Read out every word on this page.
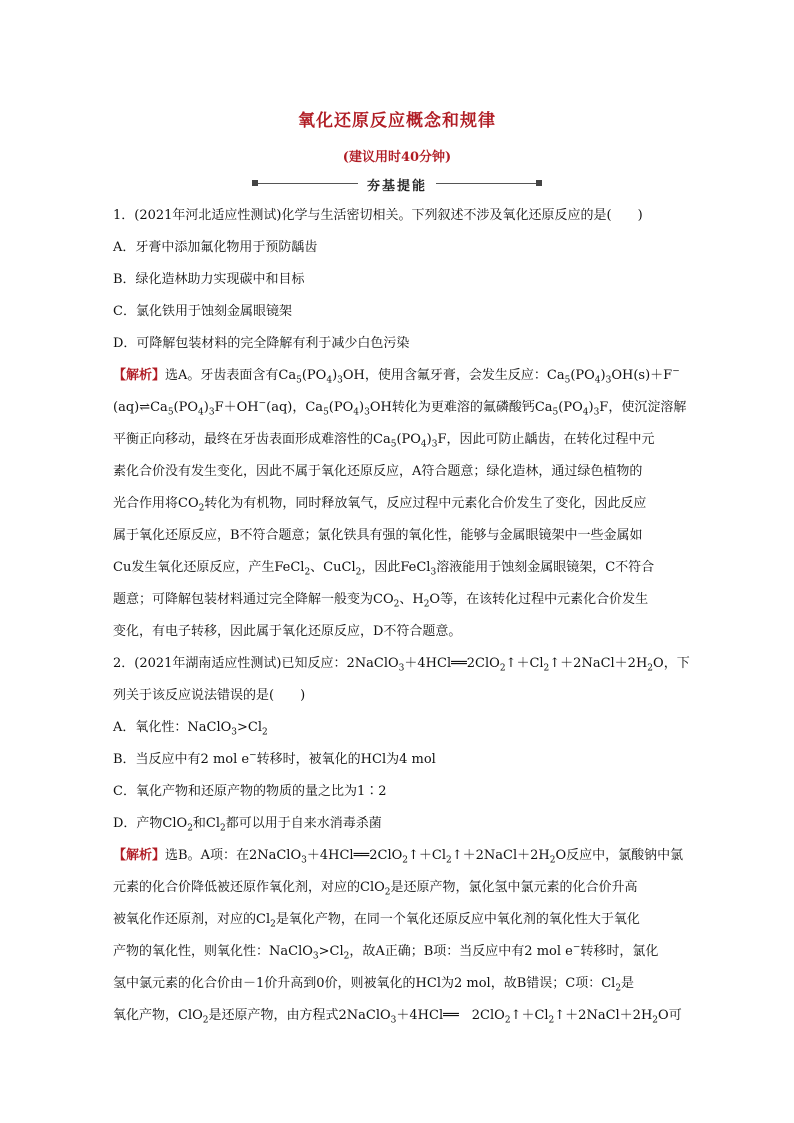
氧化还原反应概念和规律
(建议用时40分钟)
夯基提能

1．(2021年河北适应性测试)化学与生活密切相关。下列叙述不涉及氧化还原反应的是(　　)

A．牙膏中添加氟化物用于预防龋齿

B．绿化造林助力实现碳中和目标

C．氯化铁用于蚀刻金属眼镜架

D．可降解包装材料的完全降解有利于减少白色污染

【解析】选A。牙齿表面含有$Ca_5(PO_4)_3OH$，使用含氟牙膏，会发生反应：$Ca_5(PO_4)_3OH(s)+F^-$

$(aq)\rightleftharpoons Ca_5(PO_4)_3F+OH^-(aq)$，$Ca_5(PO_4)_3OH$转化为更难溶的氟磷酸钙$Ca_5(PO_4)_3F$，使沉淀溶解

平衡正向移动，最终在牙齿表面形成难溶性的$Ca_5(PO_4)_3F$，因此可防止龋齿，在转化过程中元

素化合价没有发生变化，因此不属于氧化还原反应，A符合题意；绿化造林，通过绿色植物的

光合作用将$CO_2$转化为有机物，同时释放氧气，反应过程中元素化合价发生了变化，因此反应

属于氧化还原反应，B不符合题意；氯化铁具有强的氧化性，能够与金属眼镜架中一些金属如

Cu发生氧化还原反应，产生FeCl$_2$、CuCl$_2$，因此FeCl$_3$溶液能用于蚀刻金属眼镜架，C不符合

题意；可降解包装材料通过完全降解一般变为$CO_2$、$H_2O$等，在该转化过程中元素化合价发生

变化，有电子转移，因此属于氧化还原反应，D不符合题意。

2．(2021年湖南适应性测试)已知反应：$2NaClO_3+4HCl══2ClO_2↑+Cl_2↑+2NaCl+2H_2O$，下

列关于该反应说法错误的是(　　)

A．氧化性：$NaClO_3>Cl_2$

B．当反应中有2 mol e−转移时，被氧化的HCl为4 mol

C．氧化产物和还原产物的物质的量之比为1∶2

D．产物ClO$_2$和$Cl_2$都可以用于自来水消毒杀菌

【解析】选B。A项：在$2NaClO_3+4HCl══2ClO_2↑+Cl_2↑+2NaCl+2H_2O$反应中，氯酸钠中氯

元素的化合价降低被还原作氧化剂，对应的ClO$_2$是还原产物，氯化氢中氯元素的化合价升高

被氧化作还原剂，对应的$Cl_2$是氧化产物，在同一个氧化还原反应中氧化剂的氧化性大于氧化

产物的氧化性，则氧化性：$NaClO_3>Cl_2$，故A正确；B项：当反应中有2 mol e−转移时，氯化

氢中氯元素的化合价由－1价升高到0价，则被氧化的HCl为2 mol，故B错误；C项：$Cl_2$是

氧化产物，ClO$_2$是还原产物，由方程式2NaClO$_3$＋4HCl══　$2ClO_2↑+Cl_2↑+2NaCl+2H_2O$可
